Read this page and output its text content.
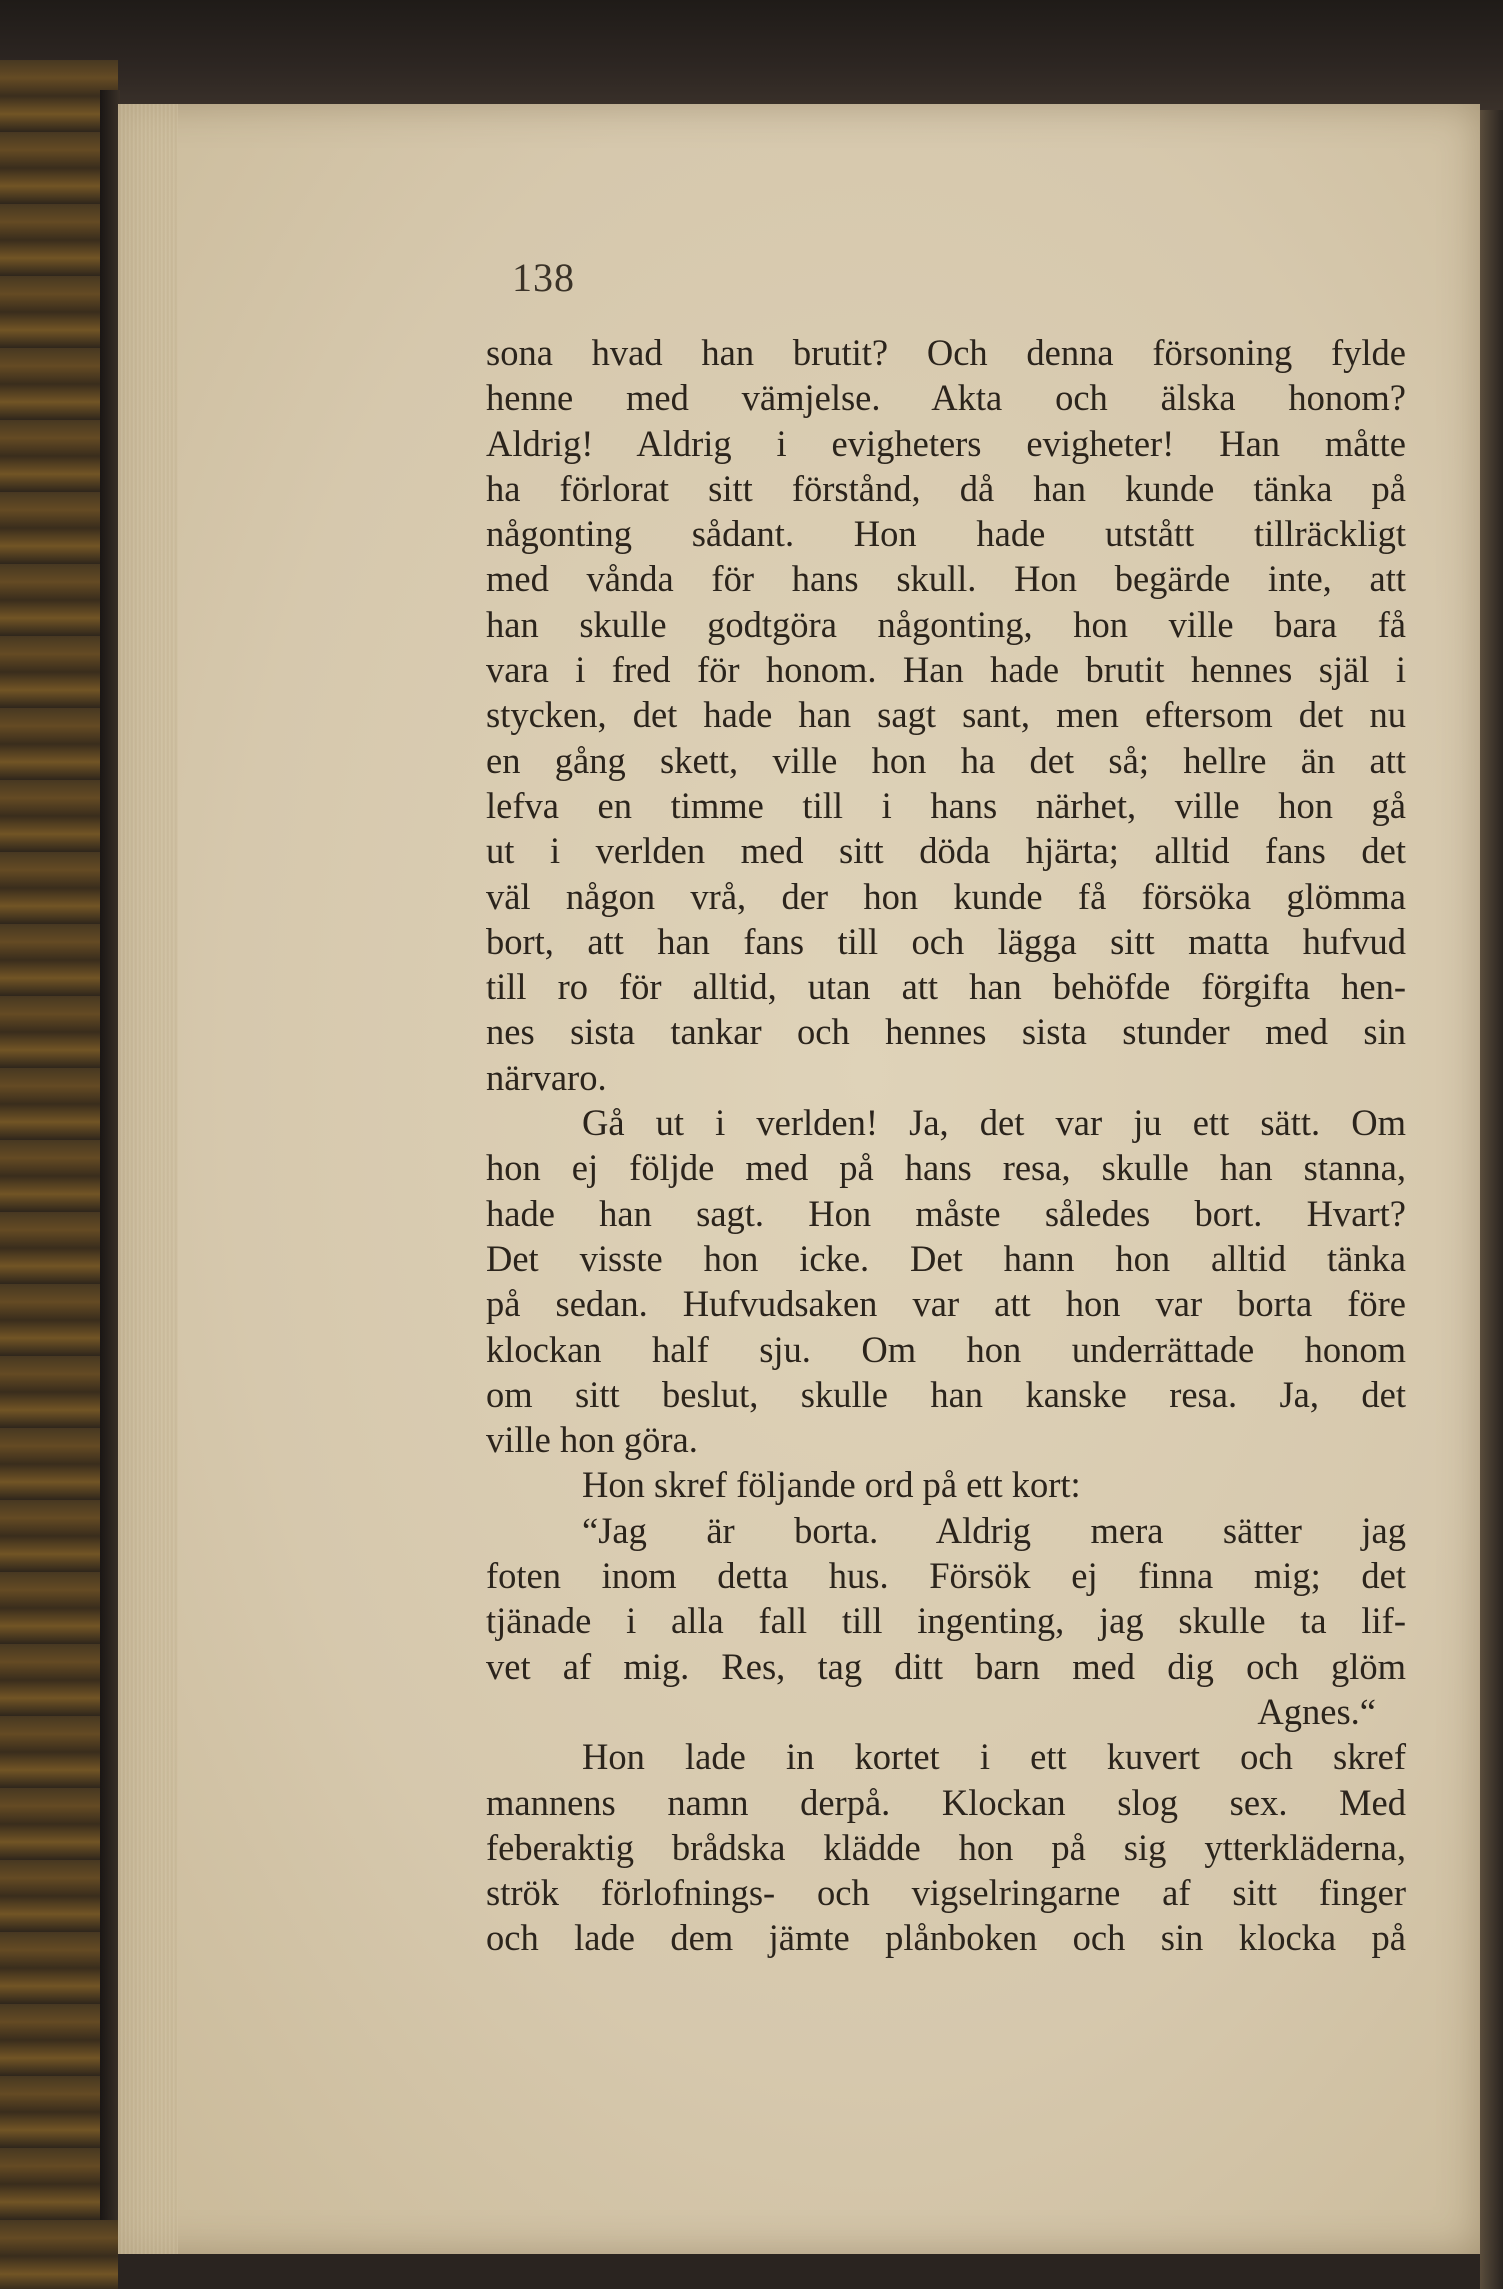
138
sona hvad han brutit? Och denna försoning fylde
henne med vämjelse. Akta och älska honom?
Aldrig! Aldrig i evigheters evigheter! Han måtte
ha förlorat sitt förstånd, då han kunde tänka på
någonting sådant. Hon hade utstått tillräckligt
med vånda för hans skull. Hon begärde inte, att
han skulle godtgöra någonting, hon ville bara få
vara i fred för honom. Han hade brutit hennes själ i
stycken, det hade han sagt sant, men eftersom det nu
en gång skett, ville hon ha det så; hellre än att
lefva en timme till i hans närhet, ville hon gå
ut i verlden med sitt döda hjärta; alltid fans det
väl någon vrå, der hon kunde få försöka glömma
bort, att han fans till och lägga sitt matta hufvud
till ro för alltid, utan att han behöfde förgifta hen-
nes sista tankar och hennes sista stunder med sin
närvaro.
Gå ut i verlden! Ja, det var ju ett sätt. Om
hon ej följde med på hans resa, skulle han stanna,
hade han sagt. Hon måste således bort. Hvart?
Det visste hon icke. Det hann hon alltid tänka
på sedan. Hufvudsaken var att hon var borta före
klockan half sju. Om hon underrättade honom
om sitt beslut, skulle han kanske resa. Ja, det
ville hon göra.
Hon skref följande ord på ett kort:
“Jag är borta. Aldrig mera sätter jag
foten inom detta hus. Försök ej finna mig; det
tjänade i alla fall till ingenting, jag skulle ta lif-
vet af mig. Res, tag ditt barn med dig och glöm
Agnes.“
Hon lade in kortet i ett kuvert och skref
mannens namn derpå. Klockan slog sex. Med
feberaktig brådska klädde hon på sig ytterkläderna,
strök förlofnings- och vigselringarne af sitt finger
och lade dem jämte plånboken och sin klocka på
